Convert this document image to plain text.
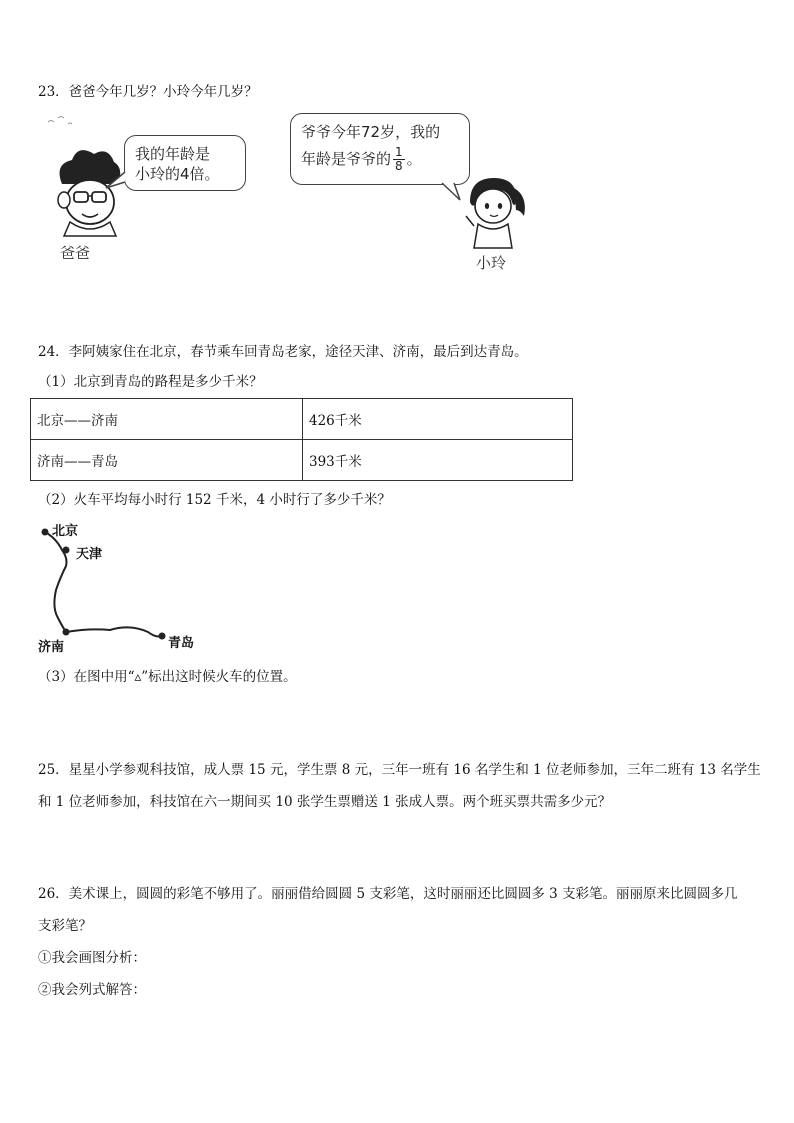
23．爸爸今年几岁？小玲今年几岁？
爸爸
我的年龄是
小玲的4倍。
爷爷今年72岁，我的
年龄是爷爷的 $\frac{1}{8}$ 。
小玲
24．李阿姨家住在北京，春节乘车回青岛老家，途径天津、济南，最后到达青岛。
（1）北京到青岛的路程是多少千米？
北京——济南	426千米
济南——青岛	393千米
（2）火车平均每小时行 152 千米，4 小时行了多少千米？
北京
天津
济南	青岛
（3）在图中用“▵”标出这时候火车的位置。
25．星星小学参观科技馆，成人票 15 元，学生票 8 元，三年一班有 16 名学生和 1 位老师参加，三年二班有 13 名学生
和 1 位老师参加，科技馆在六一期间买 10 张学生票赠送 1 张成人票。两个班买票共需多少元？
26．美术课上，圆圆的彩笔不够用了。丽丽借给圆圆 5 支彩笔，这时丽丽还比圆圆多 3 支彩笔。丽丽原来比圆圆多几
支彩笔？
①我会画图分析：
②我会列式解答：
